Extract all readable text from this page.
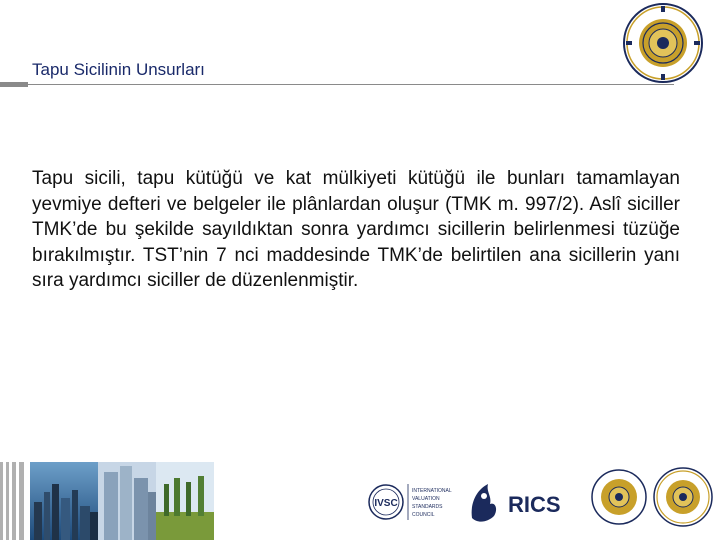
Tapu Sicilinin Unsurları
Tapu sicili, tapu kütüğü ve kat mülkiyeti kütüğü ile bunları tamamlayan yevmiye defteri ve belgeler ile plânlardan oluşur (TMK m. 997/2). Aslî siciller TMK’de bu şekilde sayıldıktan sonra yardımcı sicillerin belirlenmesi tüzüğe bırakılmıştır. TST’nin 7 nci maddesinde TMK’de belirtilen ana sicillerin yanı sıra yardımcı siciller de düzenlenmiştir.
IVSC
INTERNATIONAL
VALUATION
STANDARDS
COUNCIL	RICS
